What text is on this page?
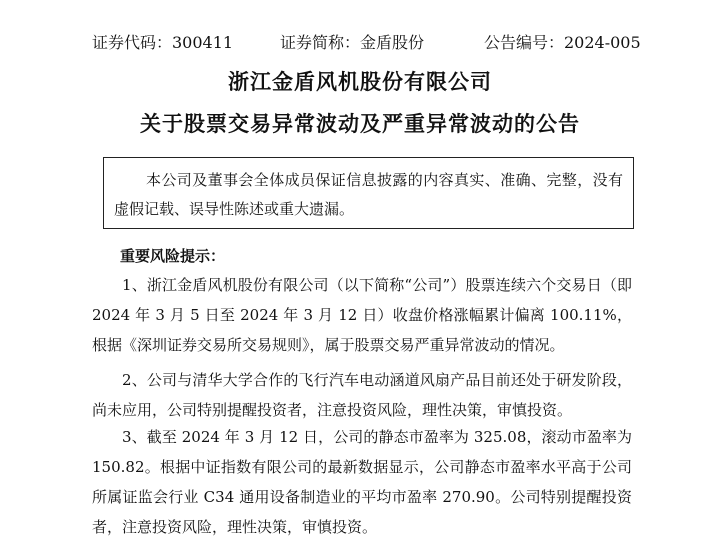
证券代码：300411	证券简称：金盾股份	公告编号：2024-005
浙江金盾风机股份有限公司
关于股票交易异常波动及严重异常波动的公告

本公司及董事会全体成员保证信息披露的内容真实、准确、完整，没有虚假记载、误导性陈述或重大遗漏。

重要风险提示：

1、浙江金盾风机股份有限公司（以下简称“公司”）股票连续六个交易日（即 2024 年 3 月 5 日至 2024 年 3 月 12 日）收盘价格涨幅累计偏离 100.11%，根据《深圳证券交易所交易规则》，属于股票交易严重异常波动的情况。

2、公司与清华大学合作的飞行汽车电动涵道风扇产品目前还处于研发阶段，尚未应用，公司特别提醒投资者，注意投资风险，理性决策，审慎投资。

3、截至 2024 年 3 月 12 日，公司的静态市盈率为 325.08，滚动市盈率为 150.82。根据中证指数有限公司的最新数据显示，公司静态市盈率水平高于公司所属证监会行业 C34 通用设备制造业的平均市盈率 270.90。公司特别提醒投资者，注意投资风险，理性决策，审慎投资。
